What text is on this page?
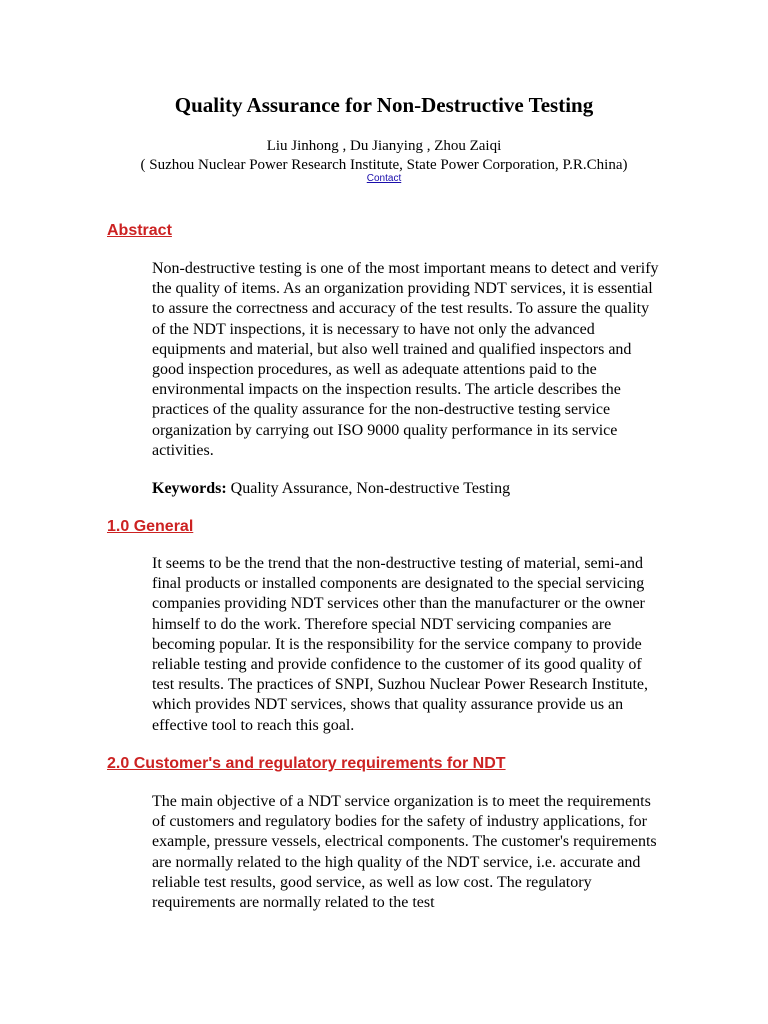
Quality Assurance for Non-Destructive Testing
Liu Jinhong , Du Jianying , Zhou Zaiqi
( Suzhou Nuclear Power Research Institute, State Power Corporation, P.R.China)
Contact
Abstract

Non-destructive testing is one of the most important means to detect and verify the quality of items. As an organization providing NDT services, it is essential to assure the correctness and accuracy of the test results. To assure the quality of the NDT inspections, it is necessary to have not only the advanced equipments and material, but also well trained and qualified inspectors and good inspection procedures, as well as adequate attentions paid to the environmental impacts on the inspection results. The article describes the practices of the quality assurance for the non-destructive testing service organization by carrying out ISO 9000 quality performance in its service activities.

Keywords: Quality Assurance, Non-destructive Testing
1.0 General

It seems to be the trend that the non-destructive testing of material, semi-and final products or installed components are designated to the special servicing companies providing NDT services other than the manufacturer or the owner himself to do the work. Therefore special NDT servicing companies are becoming popular. It is the responsibility for the service company to provide reliable testing and provide confidence to the customer of its good quality of test results. The practices of SNPI, Suzhou Nuclear Power Research Institute, which provides NDT services, shows that quality assurance provide us an effective tool to reach this goal.

2.0 Customer's and regulatory requirements for NDT

The main objective of a NDT service organization is to meet the requirements of customers and regulatory bodies for the safety of industry applications, for example, pressure vessels, electrical components. The customer's requirements are normally related to the high quality of the NDT service, i.e. accurate and reliable test results, good service, as well as low cost. The regulatory requirements are normally related to the test
